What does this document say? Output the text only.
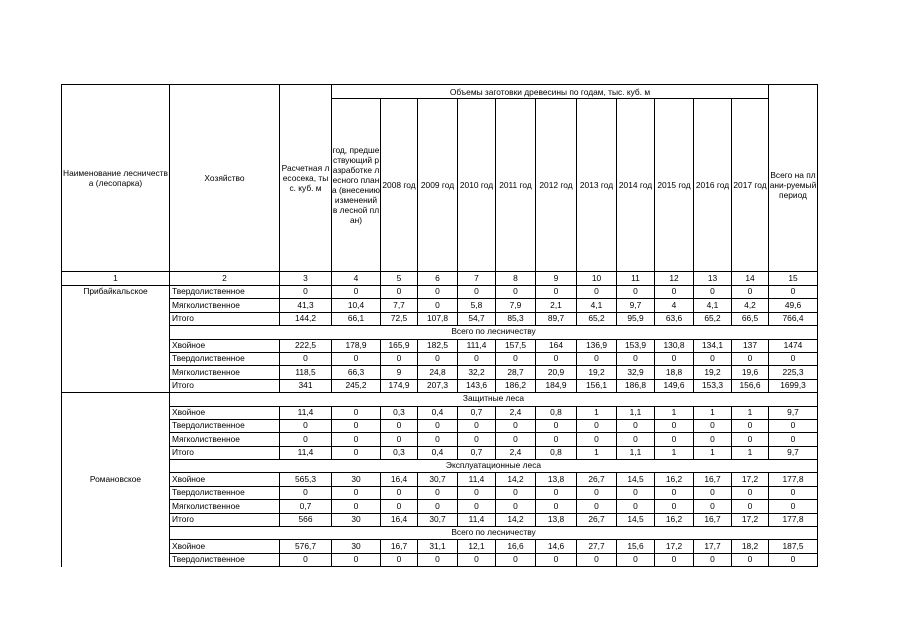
Наименование лесничества (лесопарка)	Хозяйство	Расчетная лесосека, тыс. куб. м	Объемы заготовки древесины по годам, тыс. куб. м											
			год, предшествующий разработке лесного плана (внесению изменений в лесной план)	2008 год	2009 год	2010 год	2011 год	2012 год	2013 год	2014 год	2015 год	2016 год	2017 год	Всего на плани-руемый период
1	2	3	4	5	6	7	8	9	10	11	12	13	14	15
Прибайкальское	Твердолиственное	0	0	0	0	0	0	0	0	0	0	0	0	0
	Мягколиственное	41,3	10,4	7,7	0	5,8	7,9	2,1	4,1	9,7	4	4,1	4,2	49,6
	Итого	144,2	66,1	72,5	107,8	54,7	85,3	89,7	65,2	95,9	63,6	65,2	66,5	766,4
	Всего по лесничеству													
	Хвойное	222,5	178,9	165,9	182,5	111,4	157,5	164	136,9	153,9	130,8	134,1	137	1474
	Твердолиственное	0	0	0	0	0	0	0	0	0	0	0	0	0
	Мягколиственное	118,5	66,3	9	24,8	32,2	28,7	20,9	19,2	32,9	18,8	19,2	19,6	225,3
	Итого	341	245,2	174,9	207,3	143,6	186,2	184,9	156,1	186,8	149,6	153,3	156,6	1699,3
Романовское	Защитные леса													
	Хвойное	11,4	0	0,3	0,4	0,7	2,4	0,8	1	1,1	1	1	1	9,7
	Твердолиственное	0	0	0	0	0	0	0	0	0	0	0	0	0
	Мягколиственное	0	0	0	0	0	0	0	0	0	0	0	0	0
	Итого	11,4	0	0,3	0,4	0,7	2,4	0,8	1	1,1	1	1	1	9,7
	Эксплуатационные леса													
	Хвойное	565,3	30	16,4	30,7	11,4	14,2	13,8	26,7	14,5	16,2	16,7	17,2	177,8
	Твердолиственное	0	0	0	0	0	0	0	0	0	0	0	0	0
	Мягколиственное	0,7	0	0	0	0	0	0	0	0	0	0	0	0
	Итого	566	30	16,4	30,7	11,4	14,2	13,8	26,7	14,5	16,2	16,7	17,2	177,8
	Всего по лесничеству													
	Хвойное	576,7	30	16,7	31,1	12,1	16,6	14,6	27,7	15,6	17,2	17,7	18,2	187,5
	Твердолиственное	0	0	0	0	0	0	0	0	0	0	0	0	0
